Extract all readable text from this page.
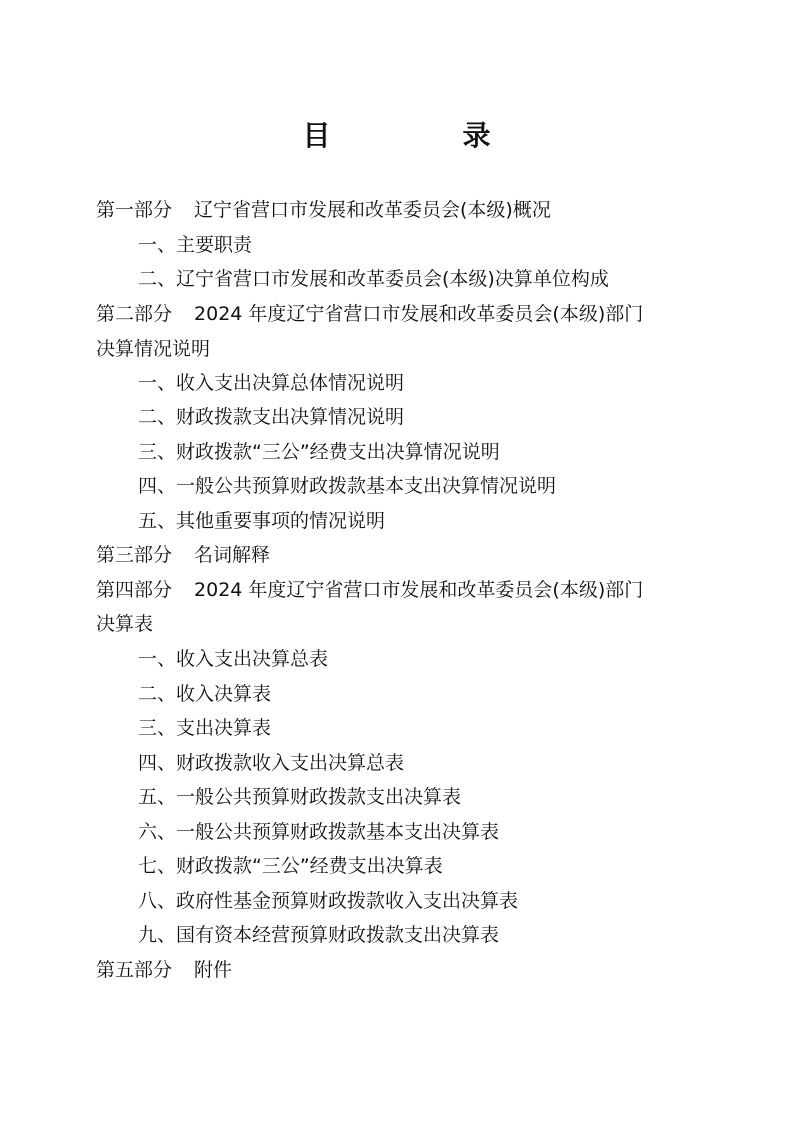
目　录
第一部分 辽宁省营口市发展和改革委员会(本级)概况
一、主要职责
二、辽宁省营口市发展和改革委员会(本级)决算单位构成
第二部分 2024 年度辽宁省营口市发展和改革委员会(本级)部门
决算情况说明
一、收入支出决算总体情况说明
二、财政拨款支出决算情况说明
三、财政拨款“三公”经费支出决算情况说明
四、一般公共预算财政拨款基本支出决算情况说明
五、其他重要事项的情况说明
第三部分 名词解释
第四部分 2024 年度辽宁省营口市发展和改革委员会(本级)部门
决算表
一、收入支出决算总表
二、收入决算表
三、支出决算表
四、财政拨款收入支出决算总表
五、一般公共预算财政拨款支出决算表
六、一般公共预算财政拨款基本支出决算表
七、财政拨款“三公”经费支出决算表
八、政府性基金预算财政拨款收入支出决算表
九、国有资本经营预算财政拨款支出决算表
第五部分 附件
